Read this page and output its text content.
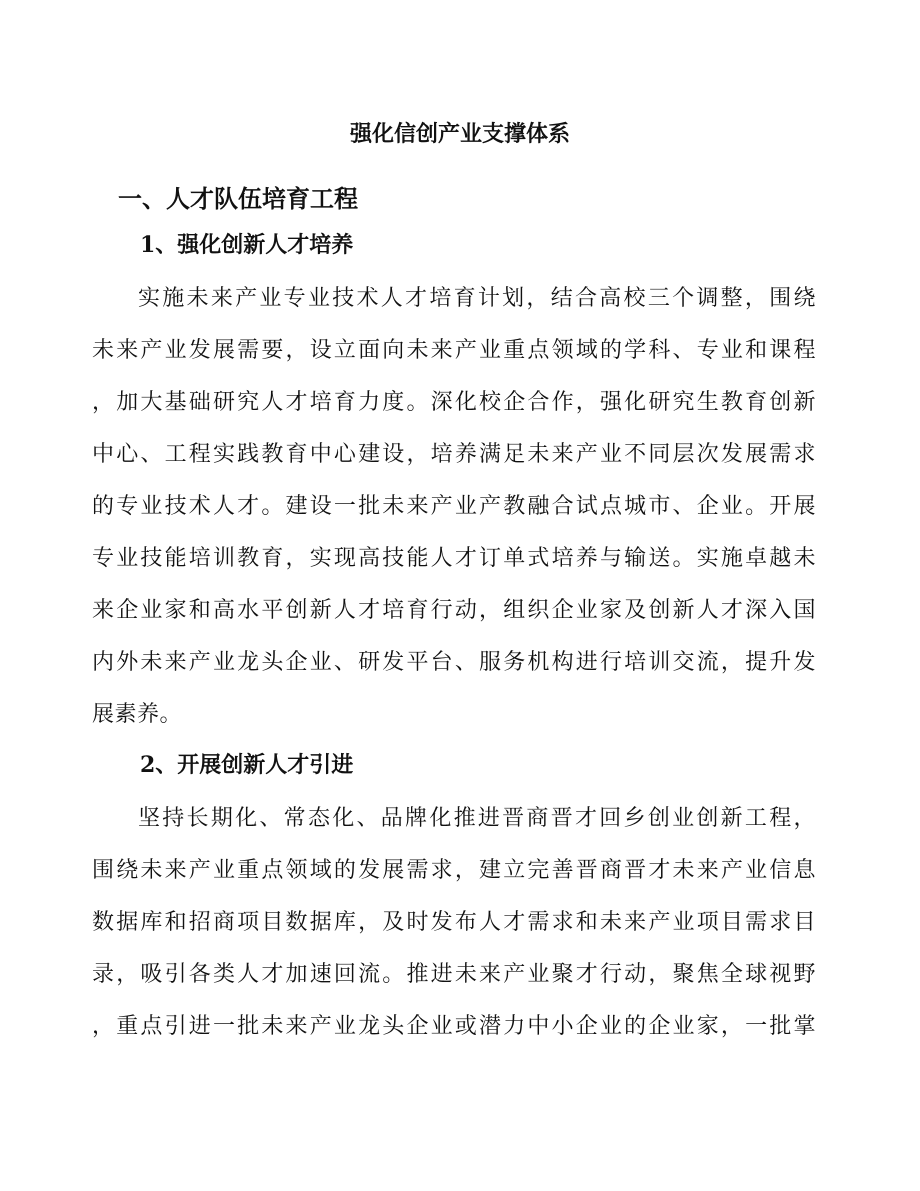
强化信创产业支撑体系
一、人才队伍培育工程
1、强化创新人才培养
实施未来产业专业技术人才培育计划，结合高校三个调整，围绕
未来产业发展需要，设立面向未来产业重点领域的学科、专业和课程
，加大基础研究人才培育力度。深化校企合作，强化研究生教育创新
中心、工程实践教育中心建设，培养满足未来产业不同层次发展需求
的专业技术人才。建设一批未来产业产教融合试点城市、企业。开展
专业技能培训教育，实现高技能人才订单式培养与输送。实施卓越未
来企业家和高水平创新人才培育行动，组织企业家及创新人才深入国
内外未来产业龙头企业、研发平台、服务机构进行培训交流，提升发
展素养。
2、开展创新人才引进
坚持长期化、常态化、品牌化推进晋商晋才回乡创业创新工程，
围绕未来产业重点领域的发展需求，建立完善晋商晋才未来产业信息
数据库和招商项目数据库，及时发布人才需求和未来产业项目需求目
录，吸引各类人才加速回流。推进未来产业聚才行动，聚焦全球视野
，重点引进一批未来产业龙头企业或潜力中小企业的企业家，一批掌
